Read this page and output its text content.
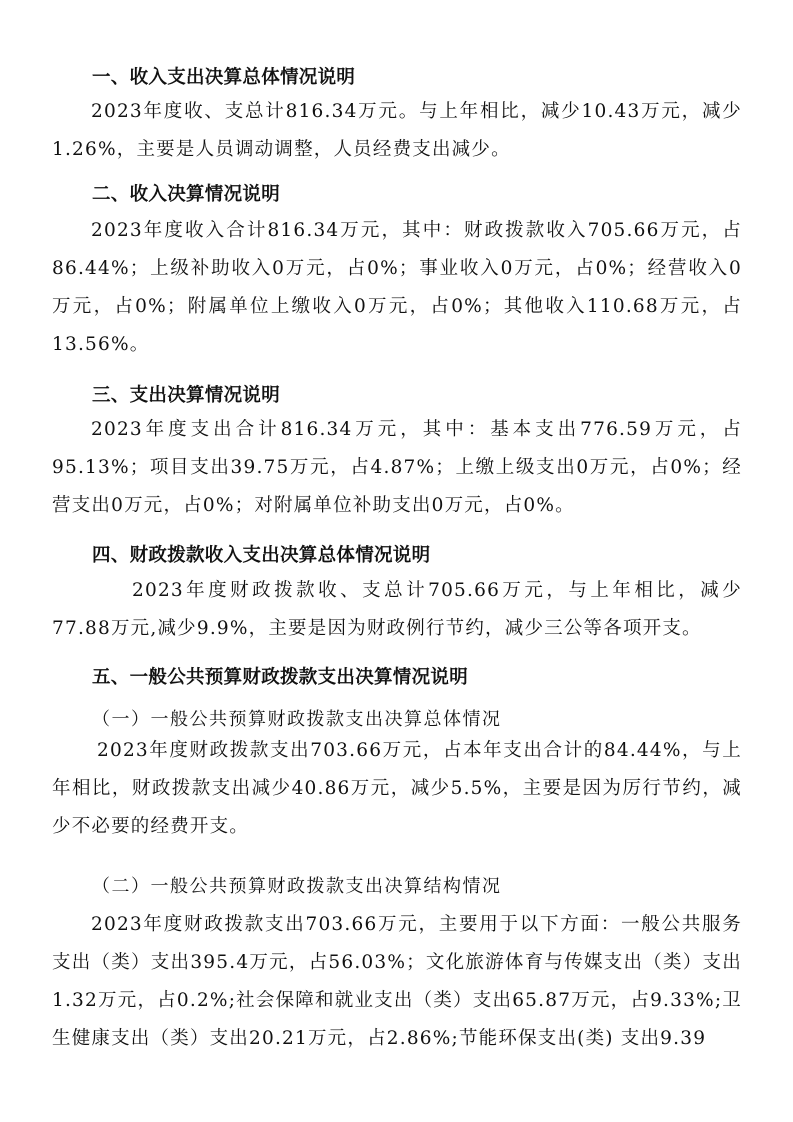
一、收入支出决算总体情况说明

2023年度收、支总计816.34万元。与上年相比，减少10.43万元，减少1.26%，主要是人员调动调整，人员经费支出减少。

二、收入决算情况说明

2023年度收入合计816.34万元，其中：财政拨款收入705.66万元，占86.44%；上级补助收入0万元，占0%；事业收入0万元，占0%；经营收入0万元，占0%；附属单位上缴收入0万元，占0%；其他收入110.68万元，占13.56%。

三、支出决算情况说明

2023年度支出合计816.34万元，其中：基本支出776.59万元，占95.13%；项目支出39.75万元，占4.87%；上缴上级支出0万元，占0%；经营支出0万元，占0%；对附属单位补助支出0万元，占0%。

四、财政拨款收入支出决算总体情况说明

2023年度财政拨款收、支总计705.66万元，与上年相比，减少77.88万元,减少9.9%，主要是因为财政例行节约，减少三公等各项开支。

五、一般公共预算财政拨款支出决算情况说明
（一）一般公共预算财政拨款支出决算总体情况

2023年度财政拨款支出703.66万元，占本年支出合计的84.44%，与上年相比，财政拨款支出减少40.86万元，减少5.5%，主要是因为厉行节约，减少不必要的经费开支。

（二）一般公共预算财政拨款支出决算结构情况

2023年度财政拨款支出703.66万元，主要用于以下方面：一般公共服务支出（类）支出395.4万元，占56.03%；文化旅游体育与传媒支出（类）支出1.32万元，占0.2%;社会保障和就业支出（类）支出65.87万元，占9.33%;卫生健康支出（类）支出20.21万元，占2.86%;节能环保支出(类) 支出9.39
